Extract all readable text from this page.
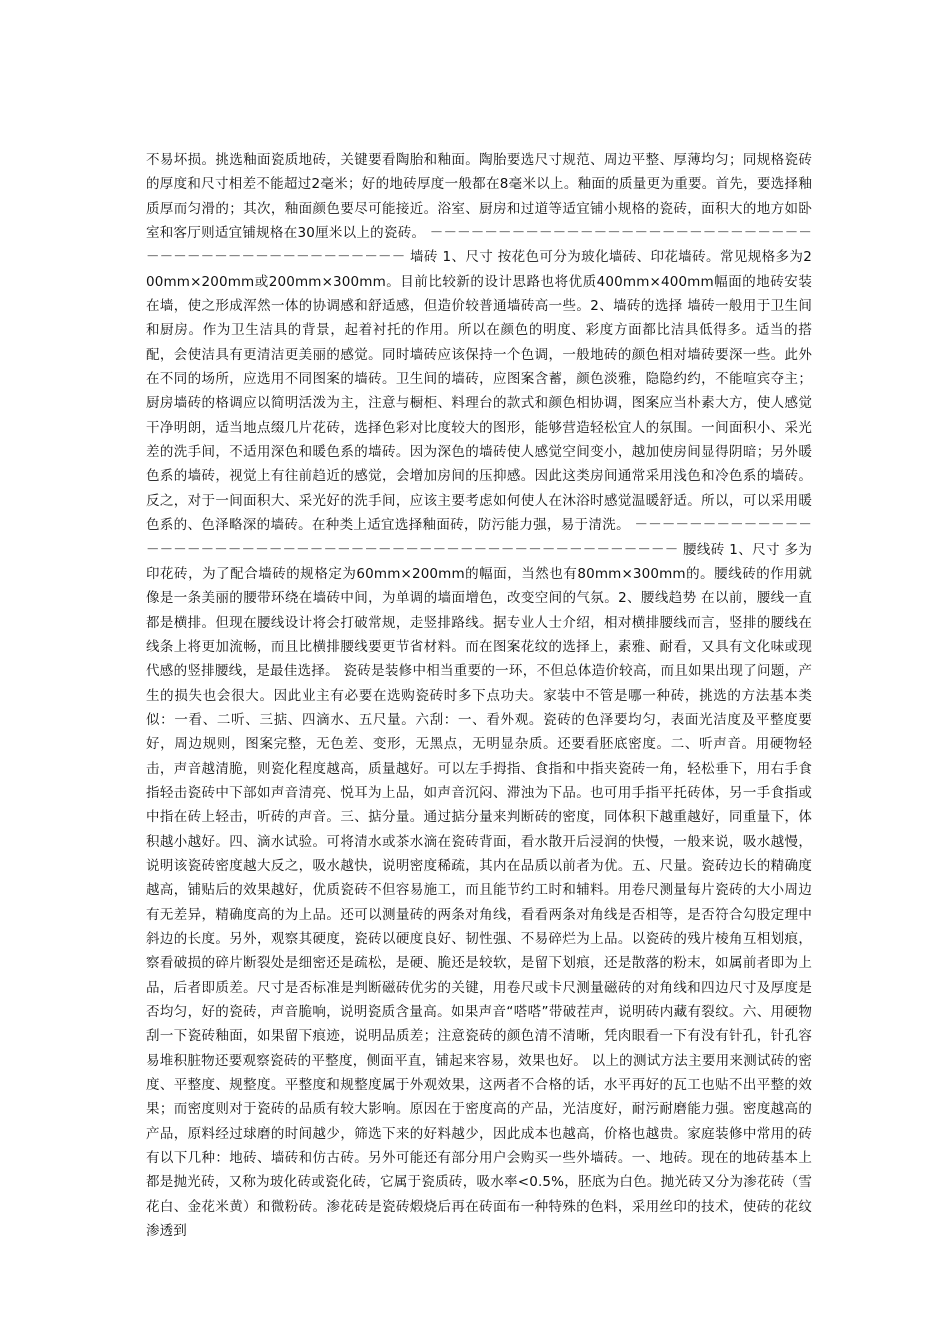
不易坏损。挑选釉面瓷质地砖，关键要看陶胎和釉面。陶胎要选尺寸规范、周边平整、厚薄均匀；同规格瓷砖的厚度和尺寸相差不能超过2毫米；好的地砖厚度一般都在8毫米以上。釉面的质量更为重要。首先，要选择釉质厚而匀滑的；其次，釉面颜色要尽可能接近。浴室、厨房和过道等适宜铺小规格的瓷砖，面积大的地方如卧室和客厅则适宜铺规格在30厘米以上的瓷砖。 －－－－－－－－－－－－－－－－－－－－－－－－－－－－－－－－－－－－－－－－－－－－－－－ 墙砖 1、尺寸 按花色可分为玻化墙砖、印花墙砖。常见规格多为200mm×200mm或200mm×300mm。目前比较新的设计思路也将优质400mm×400mm幅面的地砖安装在墙，使之形成浑然一体的协调感和舒适感，但造价较普通墙砖高一些。2、墙砖的选择 墙砖一般用于卫生间和厨房。作为卫生洁具的背景，起着衬托的作用。所以在颜色的明度、彩度方面都比洁具低得多。适当的搭配，会使洁具有更清洁更美丽的感觉。同时墙砖应该保持一个色调，一般地砖的颜色相对墙砖要深一些。此外在不同的场所，应选用不同图案的墙砖。卫生间的墙砖，应图案含蓄，颜色淡雅，隐隐约约，不能喧宾夺主；厨房墙砖的格调应以简明活泼为主，注意与橱柜、料理台的款式和颜色相协调，图案应当朴素大方，使人感觉干净明朗，适当地点缀几片花砖，选择色彩对比度较大的图形，能够营造轻松宜人的氛围。一间面积小、采光差的洗手间，不适用深色和暖色系的墙砖。因为深色的墙砖使人感觉空间变小，越加使房间显得阴暗；另外暖色系的墙砖，视觉上有往前趋近的感觉，会增加房间的压抑感。因此这类房间通常采用浅色和冷色系的墙砖。反之，对于一间面积大、采光好的洗手间，应该主要考虑如何使人在沐浴时感觉温暖舒适。所以，可以采用暖色系的、色泽略深的墙砖。在种类上适宜选择釉面砖，防污能力强，易于清洗。 －－－－－－－－－－－－－－－－－－－－－－－－－－－－－－－－－－－－－－－－－－－－－－－－－－－－ 腰线砖 1、尺寸 多为印花砖，为了配合墙砖的规格定为60mm×200mm的幅面，当然也有80mm×300mm的。腰线砖的作用就像是一条美丽的腰带环绕在墙砖中间，为单调的墙面增色，改变空间的气氛。2、腰线趋势 在以前，腰线一直都是横排。但现在腰线设计将会打破常规，走竖排路线。据专业人士介绍，相对横排腰线而言，竖排的腰线在线条上将更加流畅，而且比横排腰线要更节省材料。而在图案花纹的选择上，素雅、耐看，又具有文化味或现代感的竖排腰线，是最佳选择。 瓷砖是装修中相当重要的一环，不但总体造价较高，而且如果出现了问题，产生的损失也会很大。因此业主有必要在选购瓷砖时多下点功夫。家装中不管是哪一种砖，挑选的方法基本类似：一看、二听、三掂、四滴水、五尺量。六刮：一、看外观。瓷砖的色泽要均匀，表面光洁度及平整度要好，周边规则，图案完整，无色差、变形，无黑点，无明显杂质。还要看胚底密度。二、听声音。用硬物轻击，声音越清脆，则瓷化程度越高，质量越好。可以左手拇指、食指和中指夹瓷砖一角，轻松垂下，用右手食指轻击瓷砖中下部如声音清亮、悦耳为上品，如声音沉闷、滞浊为下品。也可用手指平托砖体，另一手食指或中指在砖上轻击，听砖的声音。三、掂分量。通过掂分量来判断砖的密度，同体积下越重越好，同重量下，体积越小越好。四、滴水试验。可将清水或茶水滴在瓷砖背面，看水散开后浸润的快慢，一般来说，吸水越慢，说明该瓷砖密度越大反之，吸水越快，说明密度稀疏，其内在品质以前者为优。五、尺量。瓷砖边长的精确度越高，铺贴后的效果越好，优质瓷砖不但容易施工，而且能节约工时和辅料。用卷尺测量每片瓷砖的大小周边有无差异，精确度高的为上品。还可以测量砖的两条对角线，看看两条对角线是否相等，是否符合勾股定理中斜边的长度。另外，观察其硬度，瓷砖以硬度良好、韧性强、不易碎烂为上品。以瓷砖的残片棱角互相划痕，察看破损的碎片断裂处是细密还是疏松，是硬、脆还是较软，是留下划痕，还是散落的粉末，如属前者即为上品，后者即质差。尺寸是否标准是判断磁砖优劣的关键，用卷尺或卡尺测量磁砖的对角线和四边尺寸及厚度是否均匀，好的瓷砖，声音脆响，说明瓷质含量高。如果声音“嗒嗒”带破茬声，说明砖内藏有裂纹。六、用硬物刮一下瓷砖釉面，如果留下痕迹，说明品质差；注意瓷砖的颜色清不清晰，凭肉眼看一下有没有针孔，针孔容易堆积脏物还要观察瓷砖的平整度，侧面平直，铺起来容易，效果也好。 以上的测试方法主要用来测试砖的密度、平整度、规整度。平整度和规整度属于外观效果，这两者不合格的话，水平再好的瓦工也贴不出平整的效果；而密度则对于瓷砖的品质有较大影响。原因在于密度高的产品，光洁度好，耐污耐磨能力强。密度越高的产品，原料经过球磨的时间越少，筛选下来的好料越少，因此成本也越高，价格也越贵。家庭装修中常用的砖有以下几种：地砖、墙砖和仿古砖。另外可能还有部分用户会购买一些外墙砖。一、地砖。现在的地砖基本上都是抛光砖，又称为玻化砖或瓷化砖，它属于瓷质砖，吸水率<0.5%，胚底为白色。抛光砖又分为渗花砖（雪花白、金花米黄）和微粉砖。渗花砖是瓷砖煅烧后再在砖面布一种特殊的色料，采用丝印的技术，使砖的花纹渗透到
